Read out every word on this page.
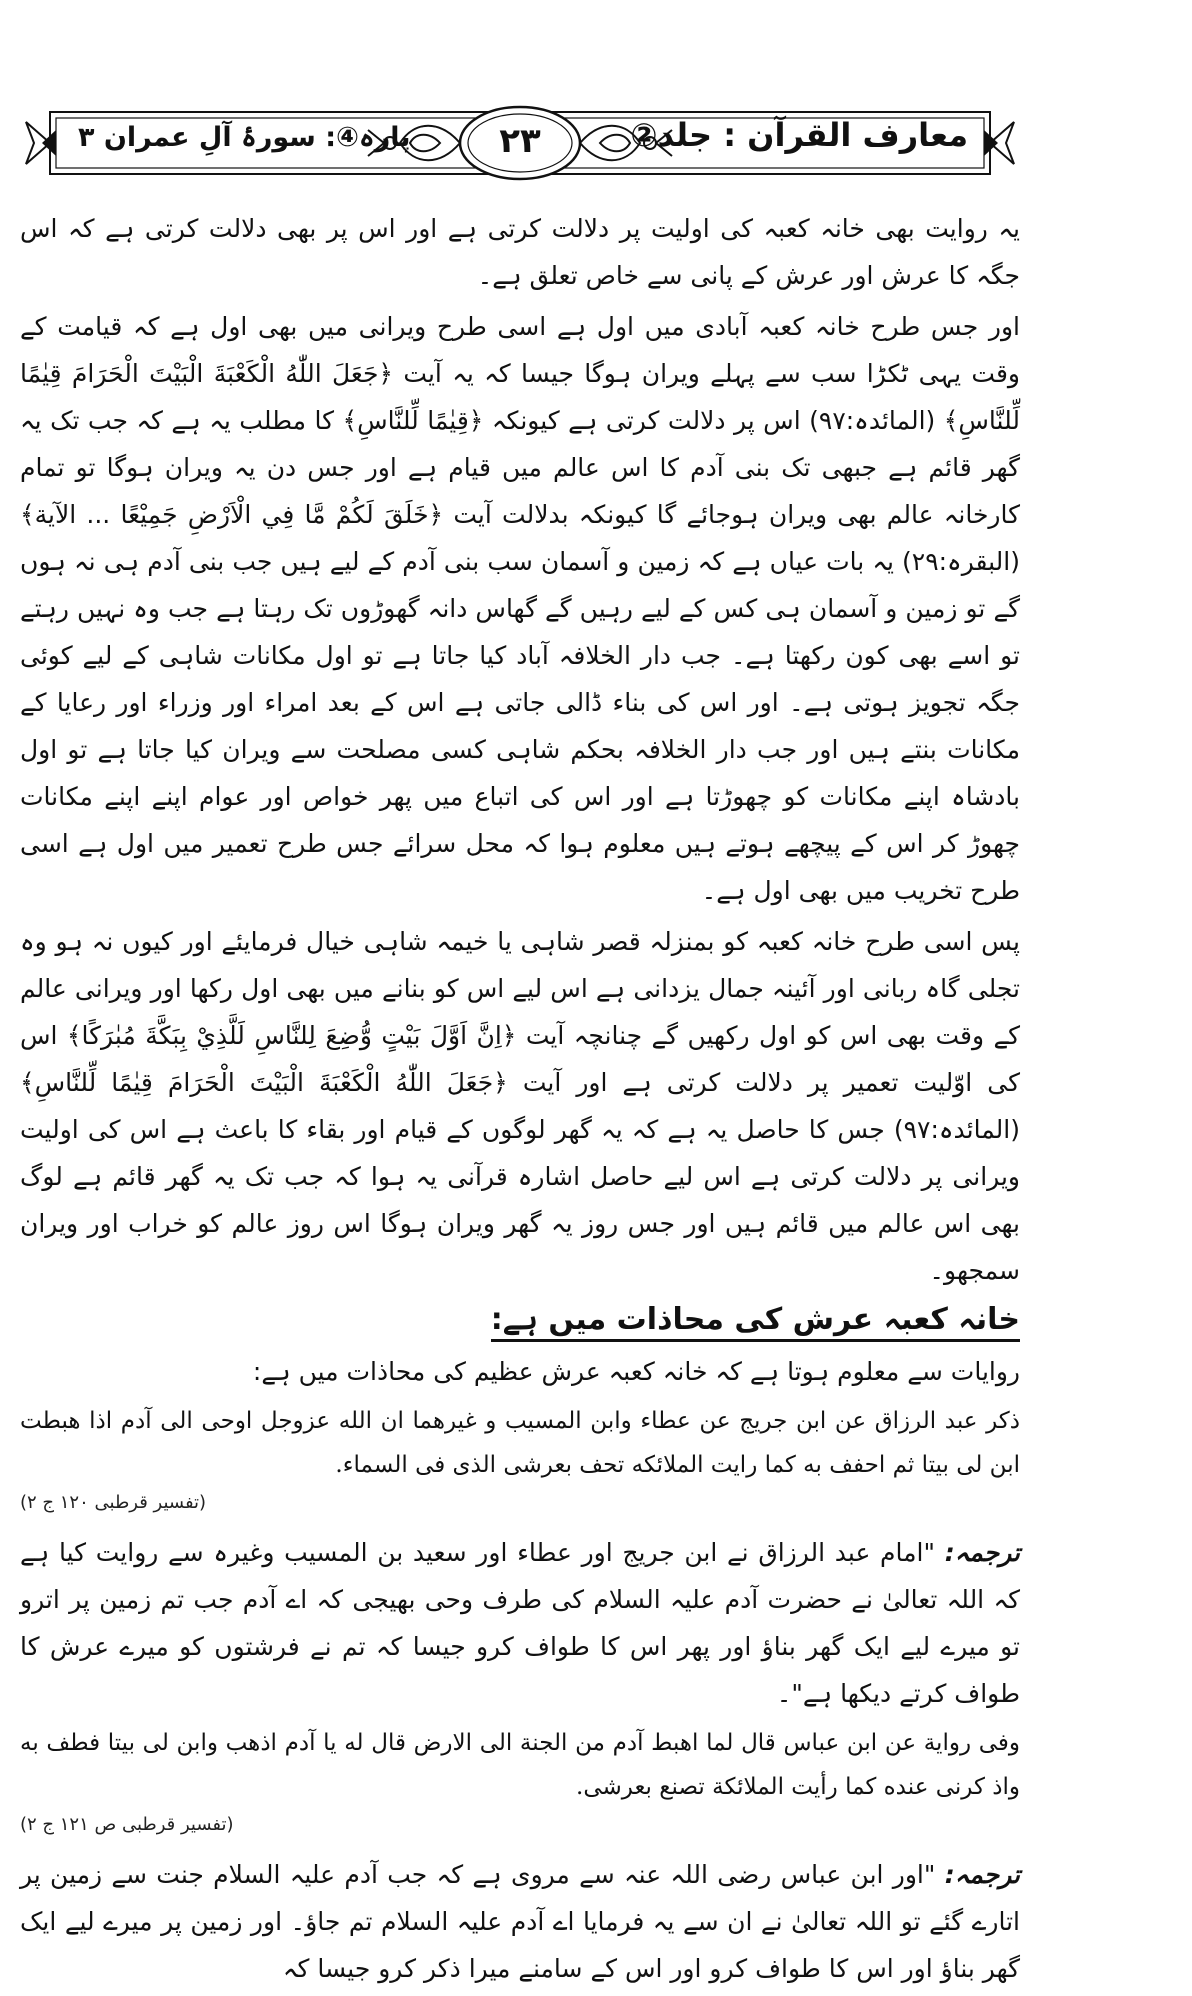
معارف القرآن : جلد②
۲۳
پارہ④: سورۂ آلِ عمران ۳

یہ روایت بھی خانہ کعبہ کی اولیت پر دلالت کرتی ہے اور اس پر بھی دلالت کرتی ہے کہ اس جگہ کا عرش اور عرش کے پانی سے خاص تعلق ہے۔

اور جس طرح خانہ کعبہ آبادی میں اول ہے اسی طرح ویرانی میں بھی اول ہے کہ قیامت کے وقت یہی ٹکڑا سب سے پہلے ویران ہوگا جیسا کہ یہ آیت ﴿جَعَلَ اللّٰهُ الْكَعْبَةَ الْبَيْتَ الْحَرَامَ قِيٰمًا لِّلنَّاسِ﴾ (المائدہ:۹۷) اس پر دلالت کرتی ہے کیونکہ ﴿قِيٰمًا لِّلنَّاسِ﴾ کا مطلب یہ ہے کہ جب تک یہ گھر قائم ہے جبھی تک بنی آدم کا اس عالم میں قیام ہے اور جس دن یہ ویران ہوگا تو تمام کارخانہ عالم بھی ویران ہوجائے گا کیونکہ بدلالت آیت ﴿خَلَقَ لَكُمْ مَّا فِي الْاَرْضِ جَمِيْعًا ... الآية﴾ (البقرہ:۲۹) یہ بات عیاں ہے کہ زمین و آسمان سب بنی آدم کے لیے ہیں جب بنی آدم ہی نہ ہوں گے تو زمین و آسمان ہی کس کے لیے رہیں گے گھاس دانہ گھوڑوں تک رہتا ہے جب وہ نہیں رہتے تو اسے بھی کون رکھتا ہے۔ جب دار الخلافہ آباد کیا جاتا ہے تو اول مکانات شاہی کے لیے کوئی جگہ تجویز ہوتی ہے۔ اور اس کی بناء ڈالی جاتی ہے اس کے بعد امراء اور وزراء اور رعایا کے مکانات بنتے ہیں اور جب دار الخلافہ بحکم شاہی کسی مصلحت سے ویران کیا جاتا ہے تو اول بادشاہ اپنے مکانات کو چھوڑتا ہے اور اس کی اتباع میں پھر خواص اور عوام اپنے اپنے مکانات چھوڑ کر اس کے پیچھے ہوتے ہیں معلوم ہوا کہ محل سرائے جس طرح تعمیر میں اول ہے اسی طرح تخریب میں بھی اول ہے۔

پس اسی طرح خانہ کعبہ کو بمنزلہ قصر شاہی یا خیمہ شاہی خیال فرمایئے اور کیوں نہ ہو وہ تجلی گاہ ربانی اور آئینہ جمال یزدانی ہے اس لیے اس کو بنانے میں بھی اول رکھا اور ویرانی عالم کے وقت بھی اس کو اول رکھیں گے چنانچہ آیت ﴿اِنَّ اَوَّلَ بَيْتٍ وُّضِعَ لِلنَّاسِ لَلَّذِيْ بِبَكَّةَ مُبٰرَكًا﴾ اس کی اوّلیت تعمیر پر دلالت کرتی ہے اور آیت ﴿جَعَلَ اللّٰهُ الْكَعْبَةَ الْبَيْتَ الْحَرَامَ قِيٰمًا لِّلنَّاسِ﴾ (المائدہ:۹۷) جس کا حاصل یہ ہے کہ یہ گھر لوگوں کے قیام اور بقاء کا باعث ہے اس کی اولیت ویرانی پر دلالت کرتی ہے اس لیے حاصل اشارہ قرآنی یہ ہوا کہ جب تک یہ گھر قائم ہے لوگ بھی اس عالم میں قائم ہیں اور جس روز یہ گھر ویران ہوگا اس روز عالم کو خراب اور ویران سمجھو۔

خانہ کعبہ عرش کی محاذات میں ہے:

روایات سے معلوم ہوتا ہے کہ خانہ کعبہ عرش عظیم کی محاذات میں ہے:

ذكر عبد الرزاق عن ابن جريج عن عطاء وابن المسيب و غيرهما ان الله عزوجل اوحى الى آدم اذا هبطت ابن لى بيتا ثم احفف به كما رايت الملائكه تحف بعرشى الذى فى السماء.

(تفسیر قرطبی ۱۲۰ ج ۲)

ترجمہ: "امام عبد الرزاق نے ابن جریج اور عطاء اور سعید بن المسیب وغیرہ سے روایت کیا ہے کہ اللہ تعالیٰ نے حضرت آدم علیہ السلام کی طرف وحی بھیجی کہ اے آدم جب تم زمین پر اترو تو میرے لیے ایک گھر بناؤ اور پھر اس کا طواف کرو جیسا کہ تم نے فرشتوں کو میرے عرش کا طواف کرتے دیکھا ہے"۔

وفى رواية عن ابن عباس قال لما اهبط آدم من الجنة الى الارض قال له يا آدم اذهب وابن لى بيتا فطف به واذ كرنى عنده كما رأيت الملائكة تصنع بعرشى.

(تفسیر قرطبی ص ۱۲۱ ج ۲)

ترجمہ: "اور ابن عباس رضی اللہ عنہ سے مروی ہے کہ جب آدم علیہ السلام جنت سے زمین پر اتارے گئے تو اللہ تعالیٰ نے ان سے یہ فرمایا اے آدم علیہ السلام تم جاؤ۔ اور زمین پر میرے لیے ایک گھر بناؤ اور اس کا طواف کرو اور اس کے سامنے میرا ذکر کرو جیسا کہ
